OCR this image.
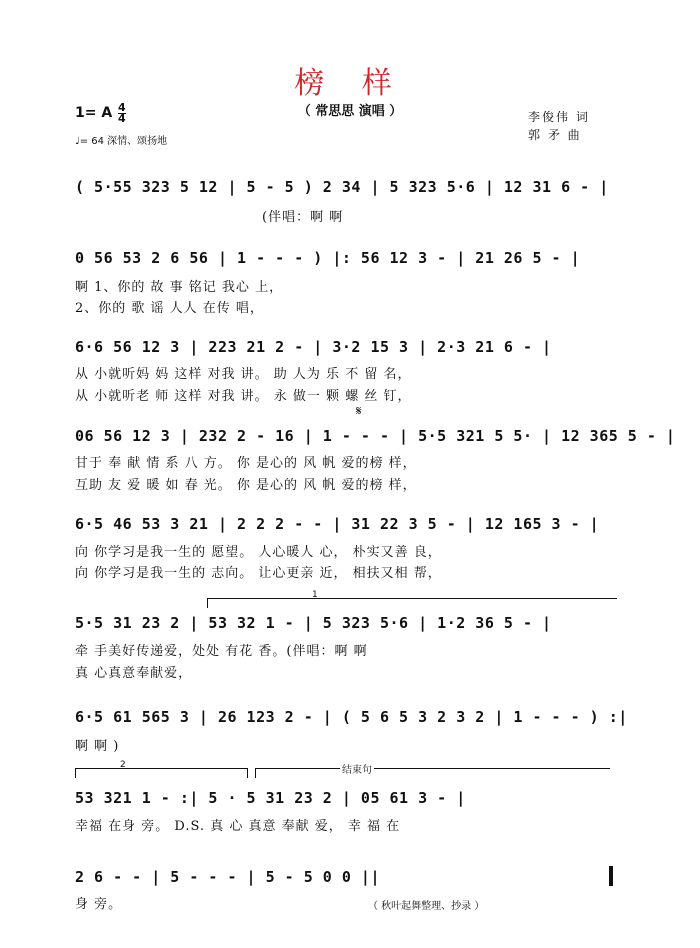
榜 样
（ 常思思 演唱 ）
1= A 4
4
♩= 64 深情、颂扬地
李俊伟 词
郭 矛 曲
( 5·55 323 5 12 | 5 - 5 ) 2 34 | 5 323 5·6 | 12 31 6 - |
(伴唱：啊 啊
0 56 53 2 6 56 | 1 - - - ) |: 56 12 3 - | 21 26 5 - |
啊 1、你的 故 事 铭记 我心 上，
2、你的 歌 谣 人人 在传 唱，
6·6 56 12 3 | 223 21 2 - | 3·2 15 3 | 2·3 21 6 - |
从 小就听妈 妈 这样 对我 讲。 助 人为 乐 不 留 名，
从 小就听老 师 这样 对我 讲。 永 做一 颗 螺 丝 钉，
𝄋
06 56 12 3 | 232 2 - 16 | 1 - - - | 5·5 321 5 5· | 12 365 5 - |
甘于 奉 献 情 系 八 方。 你 是心的 风 帆 爱的榜 样，
互助 友 爱 暖 如 春 光。 你 是心的 风 帆 爱的榜 样，
6·5 46 53 3 21 | 2 2 2 - - | 31 22 3 5 - | 12 165 3 - |
向 你学习是我一生的 愿望。 人心暖人 心， 朴实又善 良，
向 你学习是我一生的 志向。 让心更亲 近， 相扶又相 帮，
1
5·5 31 23 2 | 53 32 1 - | 5 323 5·6 | 1·2 36 5 - |
牵 手美好传递爱，处处 有花 香。(伴唱：啊 啊
真 心真意奉献爱，
6·5 61 565 3 | 26 123 2 - | ( 5 6 5 3 2 3 2 | 1 - - - ) :|
啊 啊 )
2	结束句
53 321 1 - :| 5 · 5 31 23 2 | 05 61 3 - |
幸福 在身 旁。 D.S. 真 心 真意 奉献 爱， 幸 福 在
2 6 - - | 5 - - - | 5 - 5 0 0 ||
身 旁。	（ 秋叶起舞整理、抄录 ）
